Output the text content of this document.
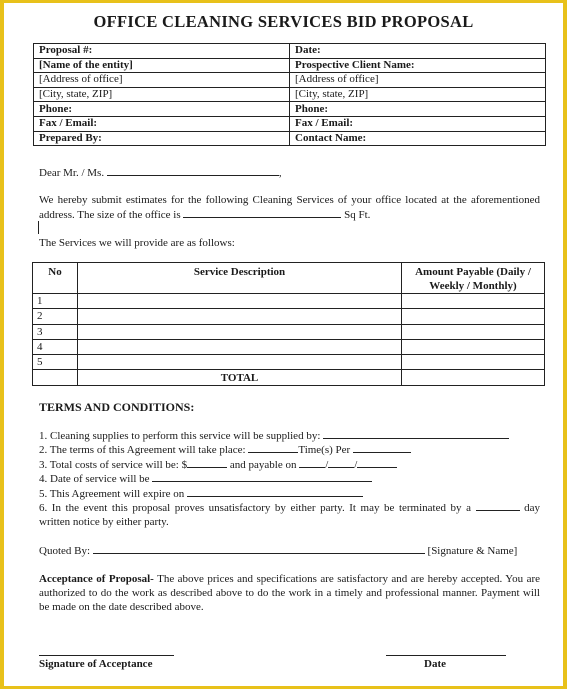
OFFICE CLEANING SERVICES BID PROPOSAL
Proposal #:	Date:
[Name of the entity]	Prospective Client Name:
[Address of office]	[Address of office]
[City, state, ZIP]	[City, state, ZIP]
Phone:	Phone:
Fax / Email:	Fax / Email:
Prepared By:	Contact Name:
Dear Mr. / Ms.	,
We hereby submit estimates for the following Cleaning Services of your office located at the aforementioned address. The size of the office is	Sq Ft.
The Services we will provide are as follows:
No	Service Description	Amount Payable (Daily / Weekly / Monthly)
1		
2		
3		
4		
5		
	TOTAL	
TERMS AND CONDITIONS:
1. Cleaning supplies to perform this service will be supplied by:
2. The terms of this Agreement will take place:	Time(s) Per
3. Total costs of service will be: $	and payable on	/ /
4. Date of service will be
5. This Agreement will expire on
6. In the event this proposal proves unsatisfactory by either party. It may be terminated by a	day written notice by either party.
Quoted By:	[Signature & Name]
Acceptance of Proposal- The above prices and specifications are satisfactory and are hereby accepted. You are authorized to do the work as described above to do the work in a timely and professional manner. Payment will be made on the date described above.
Signature of Acceptance	Date
